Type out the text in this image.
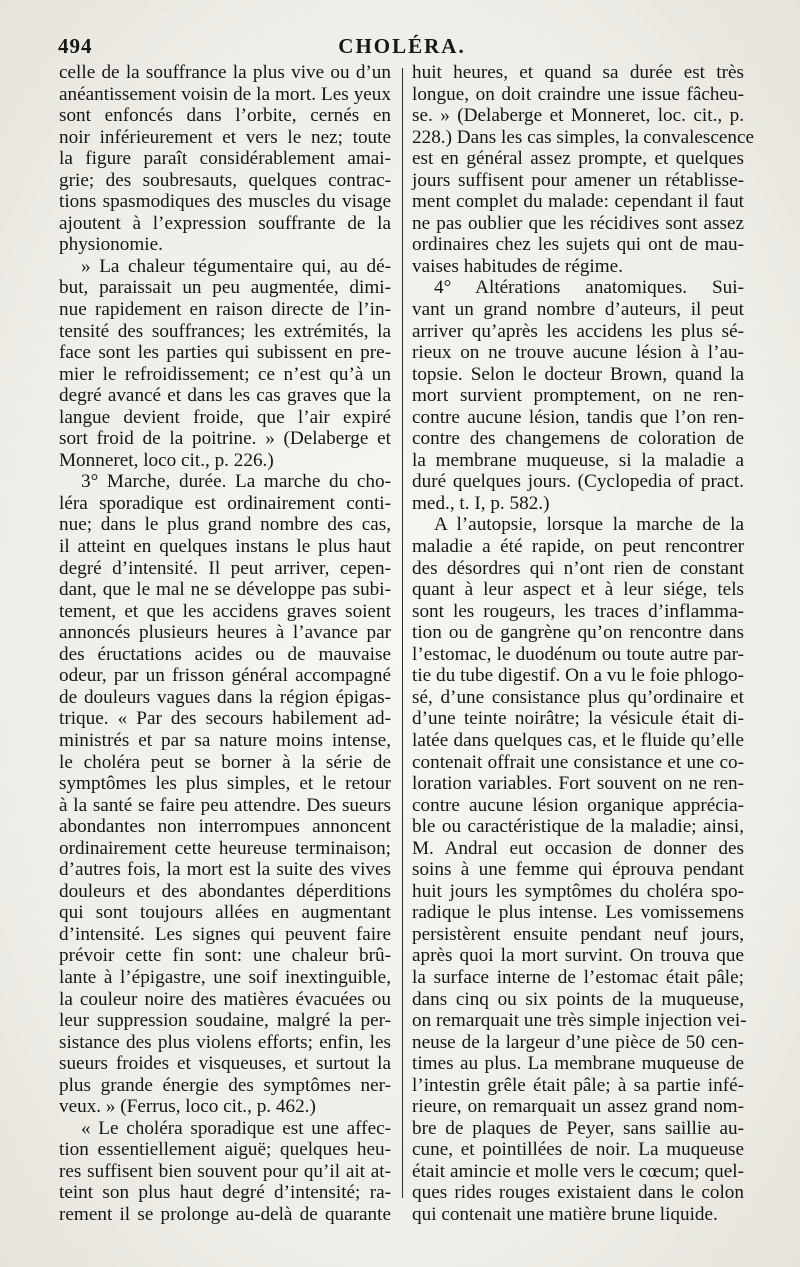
494	CHOLÉRA.
celle de la souffrance la plus vive ou d’un
anéantissement voisin de la mort. Les yeux
sont enfoncés dans l’orbite, cernés en
noir inférieurement et vers le nez; toute
la figure paraît considérablement amai-
grie; des soubresauts, quelques contrac-
tions spasmodiques des muscles du visage
ajoutent à l’expression souffrante de la
physionomie.
» La chaleur tégumentaire qui, au dé-
but, paraissait un peu augmentée, dimi-
nue rapidement en raison directe de l’in-
tensité des souffrances; les extrémités, la
face sont les parties qui subissent en pre-
mier le refroidissement; ce n’est qu’à un
degré avancé et dans les cas graves que la
langue devient froide, que l’air expiré
sort froid de la poitrine. » (Delaberge et
Monneret, loco cit., p. 226.)
3° Marche, durée. La marche du cho-
léra sporadique est ordinairement conti-
nue; dans le plus grand nombre des cas,
il atteint en quelques instans le plus haut
degré d’intensité. Il peut arriver, cepen-
dant, que le mal ne se développe pas subi-
tement, et que les accidens graves soient
annoncés plusieurs heures à l’avance par
des éructations acides ou de mauvaise
odeur, par un frisson général accompagné
de douleurs vagues dans la région épigas-
trique. « Par des secours habilement ad-
ministrés et par sa nature moins intense,
le choléra peut se borner à la série de
symptômes les plus simples, et le retour
à la santé se faire peu attendre. Des sueurs
abondantes non interrompues annoncent
ordinairement cette heureuse terminaison;
d’autres fois, la mort est la suite des vives
douleurs et des abondantes déperditions
qui sont toujours allées en augmentant
d’intensité. Les signes qui peuvent faire
prévoir cette fin sont: une chaleur brû-
lante à l’épigastre, une soif inextinguible,
la couleur noire des matières évacuées ou
leur suppression soudaine, malgré la per-
sistance des plus violens efforts; enfin, les
sueurs froides et visqueuses, et surtout la
plus grande énergie des symptômes ner-
veux. » (Ferrus, loco cit., p. 462.)
« Le choléra sporadique est une affec-
tion essentiellement aiguë; quelques heu-
res suffisent bien souvent pour qu’il ait at-
teint son plus haut degré d’intensité; ra-
rement il se prolonge au-delà de quarante
huit heures, et quand sa durée est très
longue, on doit craindre une issue fâcheu-
se. » (Delaberge et Monneret, loc. cit., p.
228.) Dans les cas simples, la convalescence
est en général assez prompte, et quelques
jours suffisent pour amener un rétablisse-
ment complet du malade: cependant il faut
ne pas oublier que les récidives sont assez
ordinaires chez les sujets qui ont de mau-
vaises habitudes de régime.
4° Altérations anatomiques. Sui-
vant un grand nombre d’auteurs, il peut
arriver qu’après les accidens les plus sé-
rieux on ne trouve aucune lésion à l’au-
topsie. Selon le docteur Brown, quand la
mort survient promptement, on ne ren-
contre aucune lésion, tandis que l’on ren-
contre des changemens de coloration de
la membrane muqueuse, si la maladie a
duré quelques jours. (Cyclopedia of pract.
med., t. I, p. 582.)
A l’autopsie, lorsque la marche de la
maladie a été rapide, on peut rencontrer
des désordres qui n’ont rien de constant
quant à leur aspect et à leur siége, tels
sont les rougeurs, les traces d’inflamma-
tion ou de gangrène qu’on rencontre dans
l’estomac, le duodénum ou toute autre par-
tie du tube digestif. On a vu le foie phlogo-
sé, d’une consistance plus qu’ordinaire et
d’une teinte noirâtre; la vésicule était di-
latée dans quelques cas, et le fluide qu’elle
contenait offrait une consistance et une co-
loration variables. Fort souvent on ne ren-
contre aucune lésion organique apprécia-
ble ou caractéristique de la maladie; ainsi,
M. Andral eut occasion de donner des
soins à une femme qui éprouva pendant
huit jours les symptômes du choléra spo-
radique le plus intense. Les vomissemens
persistèrent ensuite pendant neuf jours,
après quoi la mort survint. On trouva que
la surface interne de l’estomac était pâle;
dans cinq ou six points de la muqueuse,
on remarquait une très simple injection vei-
neuse de la largeur d’une pièce de 50 cen-
times au plus. La membrane muqueuse de
l’intestin grêle était pâle; à sa partie infé-
rieure, on remarquait un assez grand nom-
bre de plaques de Peyer, sans saillie au-
cune, et pointillées de noir. La muqueuse
était amincie et molle vers le cœcum; quel-
ques rides rouges existaient dans le colon
qui contenait une matière brune liquide.
